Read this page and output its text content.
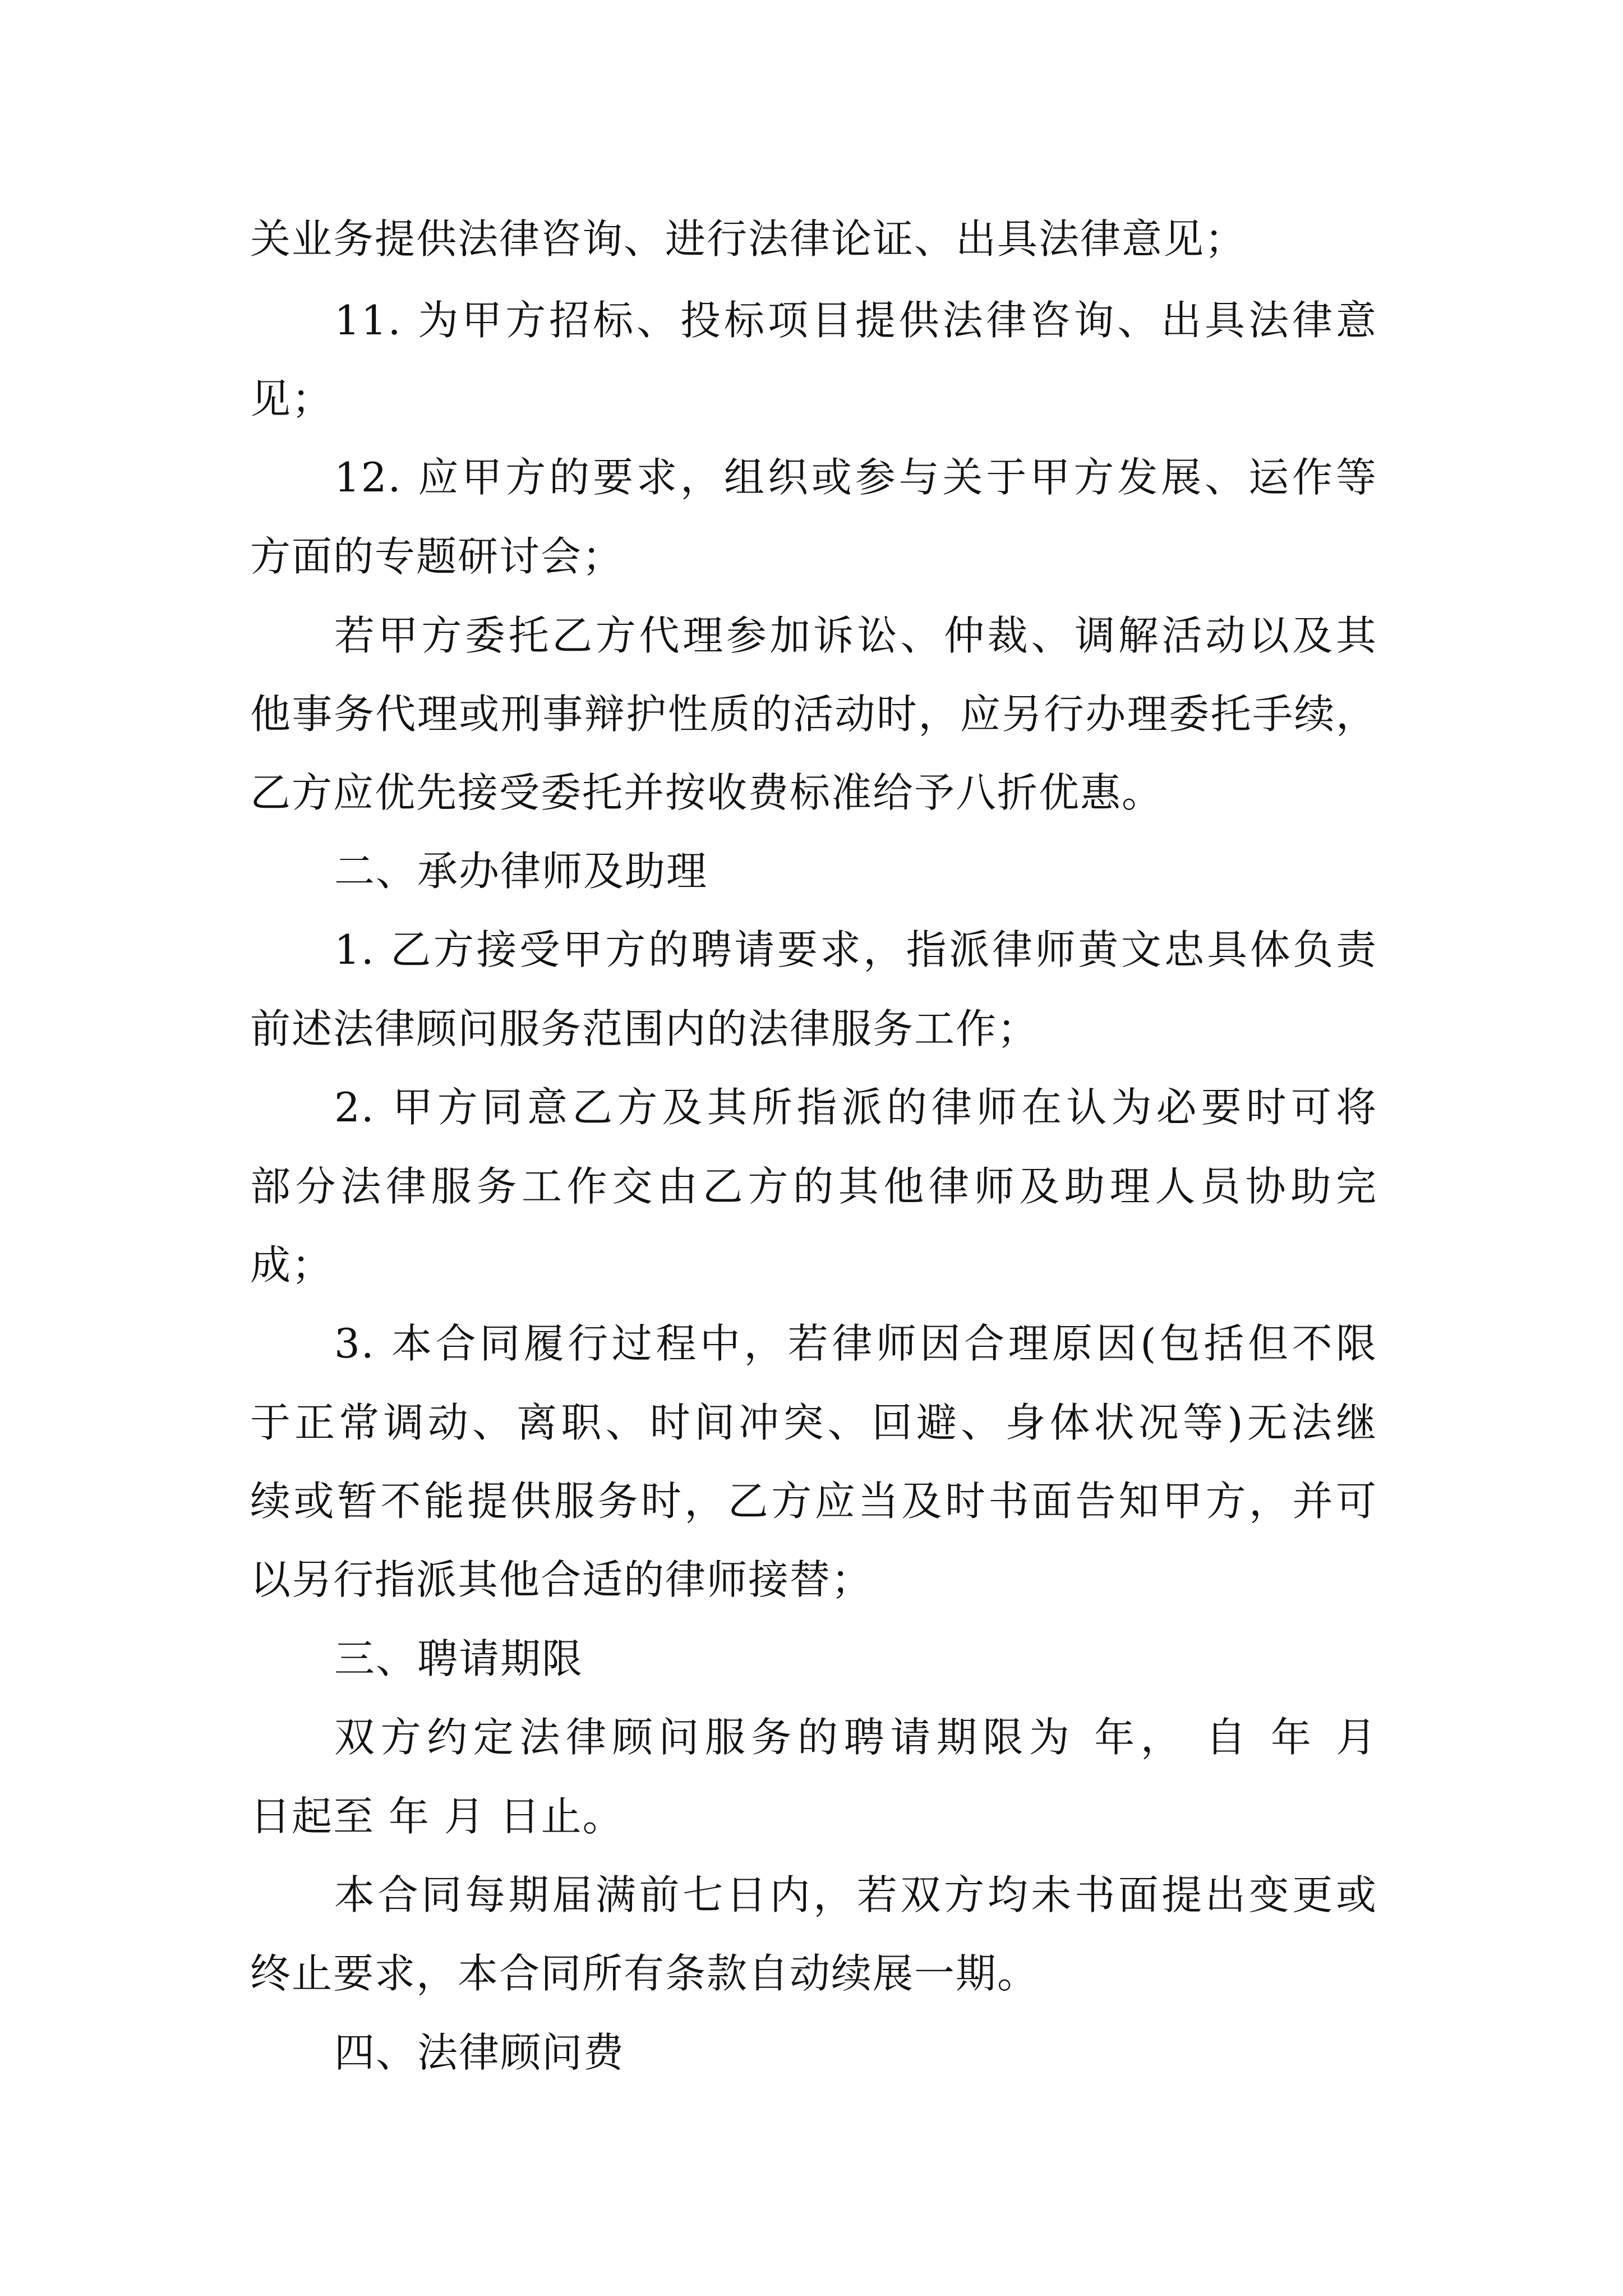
关业务提供法律咨询、进行法律论证、出具法律意见；
11. 为甲方招标、投标项目提供法律咨询、出具法律意
见；
12. 应甲方的要求，组织或参与关于甲方发展、运作等
方面的专题研讨会；
若甲方委托乙方代理参加诉讼、仲裁、调解活动以及其
他事务代理或刑事辩护性质的活动时，应另行办理委托手续，
乙方应优先接受委托并按收费标准给予八折优惠。
二、承办律师及助理
1. 乙方接受甲方的聘请要求，指派律师黄文忠具体负责
前述法律顾问服务范围内的法律服务工作；
2. 甲方同意乙方及其所指派的律师在认为必要时可将
部分法律服务工作交由乙方的其他律师及助理人员协助完
成；
3. 本合同履行过程中，若律师因合理原因(包括但不限
于正常调动、离职、时间冲突、回避、身体状况等)无法继
续或暂不能提供服务时，乙方应当及时书面告知甲方，并可
以另行指派其他合适的律师接替；
三、聘请期限
双方约定法律顾问服务的聘请期限为 年， 自 年 月
日起至 年 月 日止。
本合同每期届满前七日内，若双方均未书面提出变更或
终止要求，本合同所有条款自动续展一期。
四、法律顾问费
